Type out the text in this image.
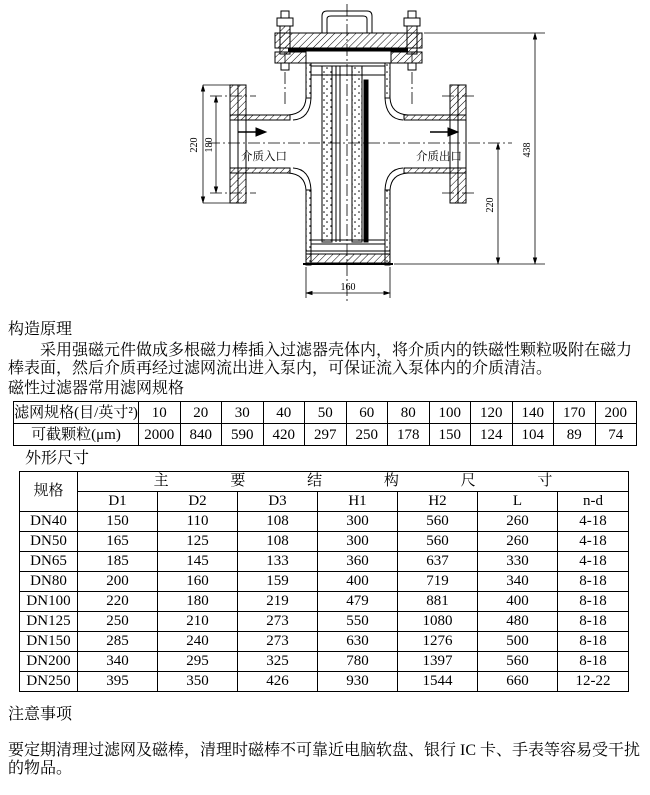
介质入口	介质出口
220 180
220
438
160
构造原理

采用强磁元件做成多根磁力棒插入过滤器壳体内，将介质内的铁磁性颗粒吸附在磁力棒表面，然后介质再经过滤网流出进入泵内，可保证流入泵体内的介质清洁。

磁性过滤器常用滤网规格
滤网规格(目/英寸²)	10	20	30	40	50	60	80	100	120	140	170	200
可截颗粒(μm)	2000	840	590	420	297	250	178	150	124	104	89	74
外形尺寸
规格	主 要 结 构 尺 寸						
	D1	D2	D3	H1	H2	L	n-d
DN40	150	110	108	300	560	260	4-18
DN50	165	125	108	300	560	260	4-18
DN65	185	145	133	360	637	330	4-18
DN80	200	160	159	400	719	340	8-18
DN100	220	180	219	479	881	400	8-18
DN125	250	210	273	550	1080	480	8-18
DN150	285	240	273	630	1276	500	8-18
DN200	340	295	325	780	1397	560	8-18
DN250	395	350	426	930	1544	660	12-22
注意事项

要定期清理过滤网及磁棒，清理时磁棒不可靠近电脑软盘、银行 IC 卡、手表等容易受干扰的物品。
